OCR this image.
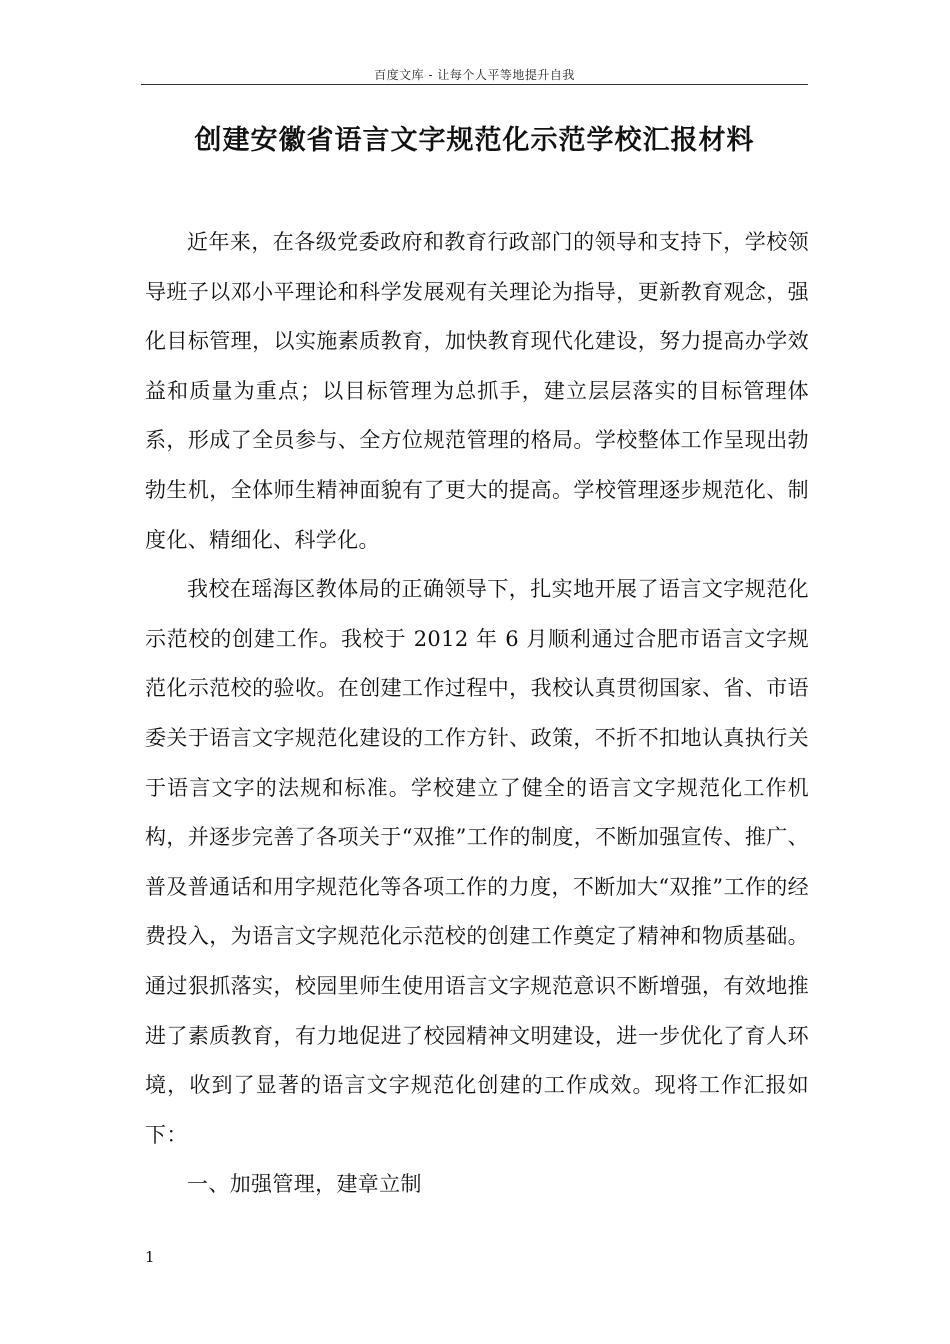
百度文库 - 让每个人平等地提升自我
创建安徽省语言文字规范化示范学校汇报材料

近年来，在各级党委政府和教育行政部门的领导和支持下，学校领导班子以邓小平理论和科学发展观有关理论为指导，更新教育观念，强化目标管理，以实施素质教育，加快教育现代化建设，努力提高办学效益和质量为重点；以目标管理为总抓手，建立层层落实的目标管理体系，形成了全员参与、全方位规范管理的格局。学校整体工作呈现出勃勃生机，全体师生精神面貌有了更大的提高。学校管理逐步规范化、制度化、精细化、科学化。

我校在瑶海区教体局的正确领导下，扎实地开展了语言文字规范化示范校的创建工作。我校于 2012 年 6 月顺利通过合肥市语言文字规范化示范校的验收。在创建工作过程中，我校认真贯彻国家、省、市语委关于语言文字规范化建设的工作方针、政策，不折不扣地认真执行关于语言文字的法规和标准。学校建立了健全的语言文字规范化工作机构，并逐步完善了各项关于“双推”工作的制度，不断加强宣传、推广、普及普通话和用字规范化等各项工作的力度，不断加大“双推”工作的经费投入，为语言文字规范化示范校的创建工作奠定了精神和物质基础。通过狠抓落实，校园里师生使用语言文字规范意识不断增强，有效地推进了素质教育，有力地促进了校园精神文明建设，进一步优化了育人环境，收到了显著的语言文字规范化创建的工作成效。现将工作汇报如下：

一、加强管理，建章立制

1
